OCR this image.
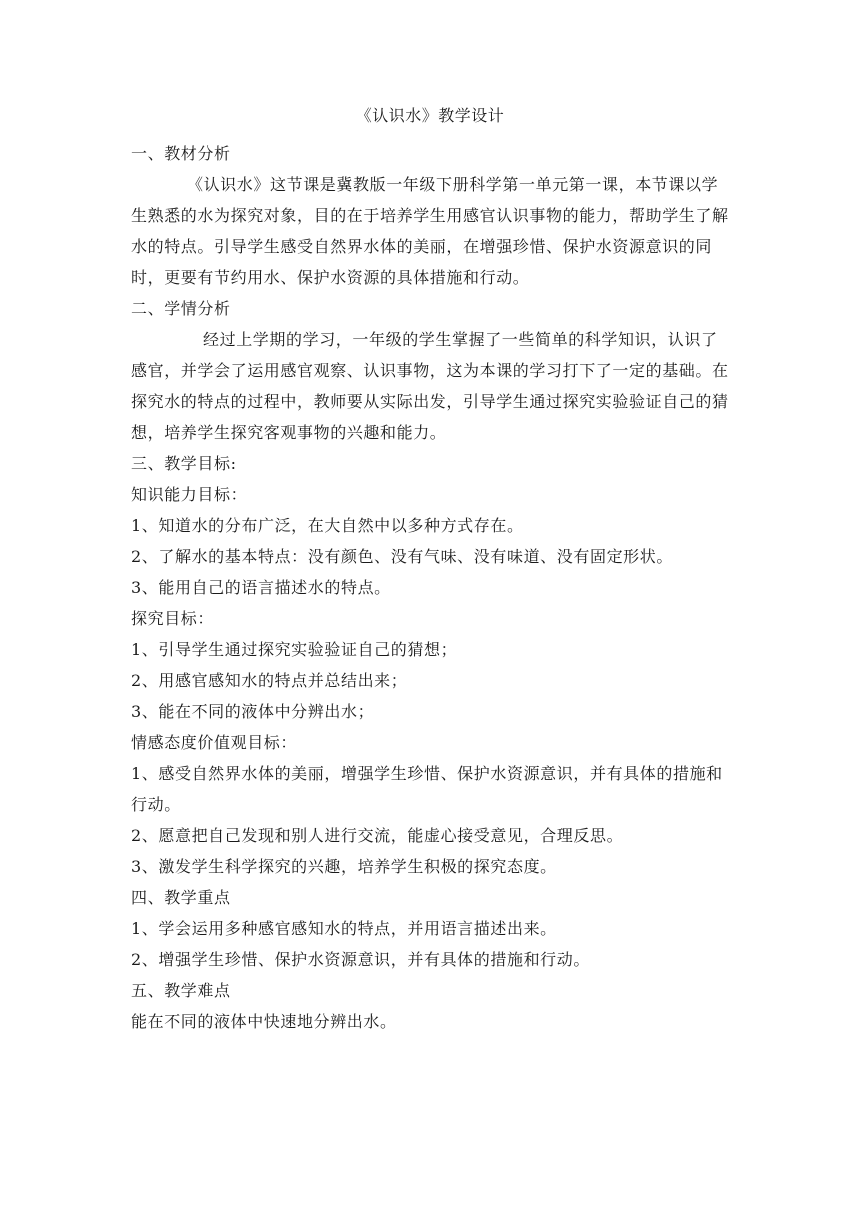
《认识水》教学设计

一、教材分析

《认识水》这节课是冀教版一年级下册科学第一单元第一课，本节课以学生熟悉的水为探究对象，目的在于培养学生用感官认识事物的能力，帮助学生了解水的特点。引导学生感受自然界水体的美丽，在增强珍惜、保护水资源意识的同时，更要有节约用水、保护水资源的具体措施和行动。

二、学情分析

经过上学期的学习，一年级的学生掌握了一些简单的科学知识，认识了感官，并学会了运用感官观察、认识事物，这为本课的学习打下了一定的基础。在探究水的特点的过程中，教师要从实际出发，引导学生通过探究实验验证自己的猜想，培养学生探究客观事物的兴趣和能力。

三、教学目标:

知识能力目标：

1、知道水的分布广泛，在大自然中以多种方式存在。

2、了解水的基本特点：没有颜色、没有气味、没有味道、没有固定形状。

3、能用自己的语言描述水的特点。

探究目标：

1、引导学生通过探究实验验证自己的猜想；

2、用感官感知水的特点并总结出来；

3、能在不同的液体中分辨出水；

情感态度价值观目标：

1、感受自然界水体的美丽，增强学生珍惜、保护水资源意识，并有具体的措施和行动。

2、愿意把自己发现和别人进行交流，能虚心接受意见，合理反思。

3、激发学生科学探究的兴趣，培养学生积极的探究态度。

四、教学重点

1、学会运用多种感官感知水的特点，并用语言描述出来。

2、增强学生珍惜、保护水资源意识，并有具体的措施和行动。

五、教学难点

能在不同的液体中快速地分辨出水。
